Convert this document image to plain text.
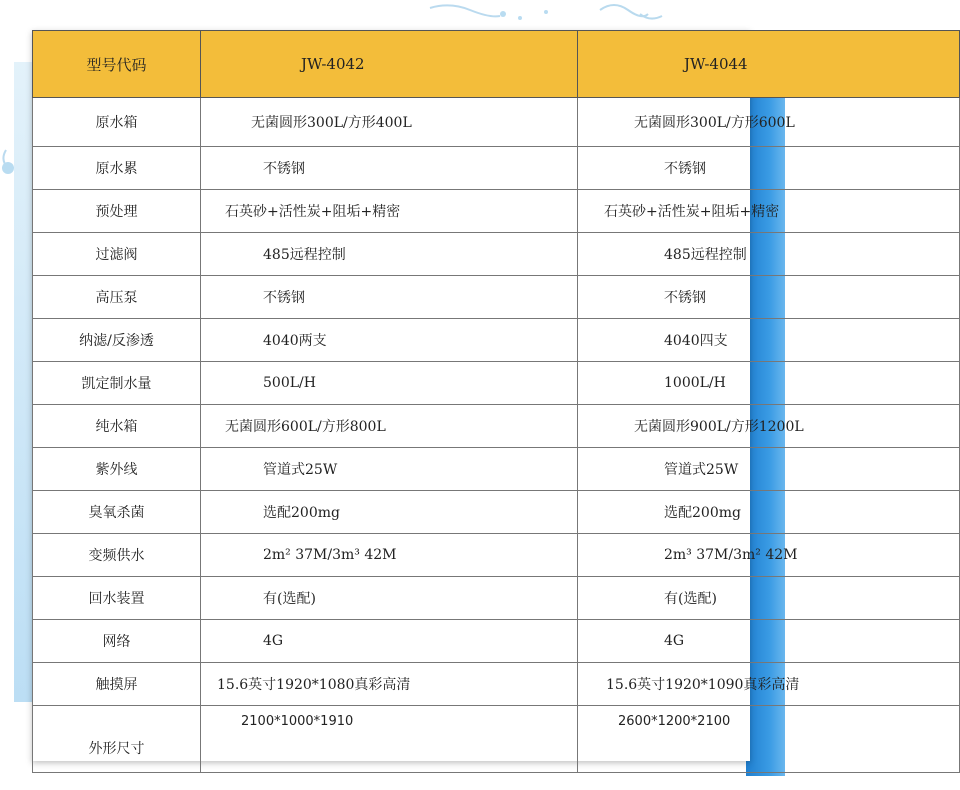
型号代码	JW-4042	JW-4044
原水箱	无菌圆形300L/方形400L	无菌圆形300L/方形600L
原水累	不锈钢	不锈钢
预处理	石英砂+活性炭+阻垢+精密	石英砂+活性炭+阻垢+精密
过滤阀	485远程控制	485远程控制
高压泵	不锈钢	不锈钢
纳滤/反渗透	4040两支	4040四支
凯定制水量	500L/H	1000L/H
纯水箱	无菌圆形600L/方形800L	无菌圆形900L/方形1200L
紫外线	管道式25W	管道式25W
臭氧杀菌	选配200mg	选配200mg
变频供水	2m² 37M/3m³ 42M	2m³ 37M/3m² 42M
回水装置	有(选配)	有(选配)
网络	4G	4G
触摸屏	15.6英寸1920*1080真彩高清	15.6英寸1920*1090真彩高清
外形尺寸	2100*1000*1910	2600*1200*2100
